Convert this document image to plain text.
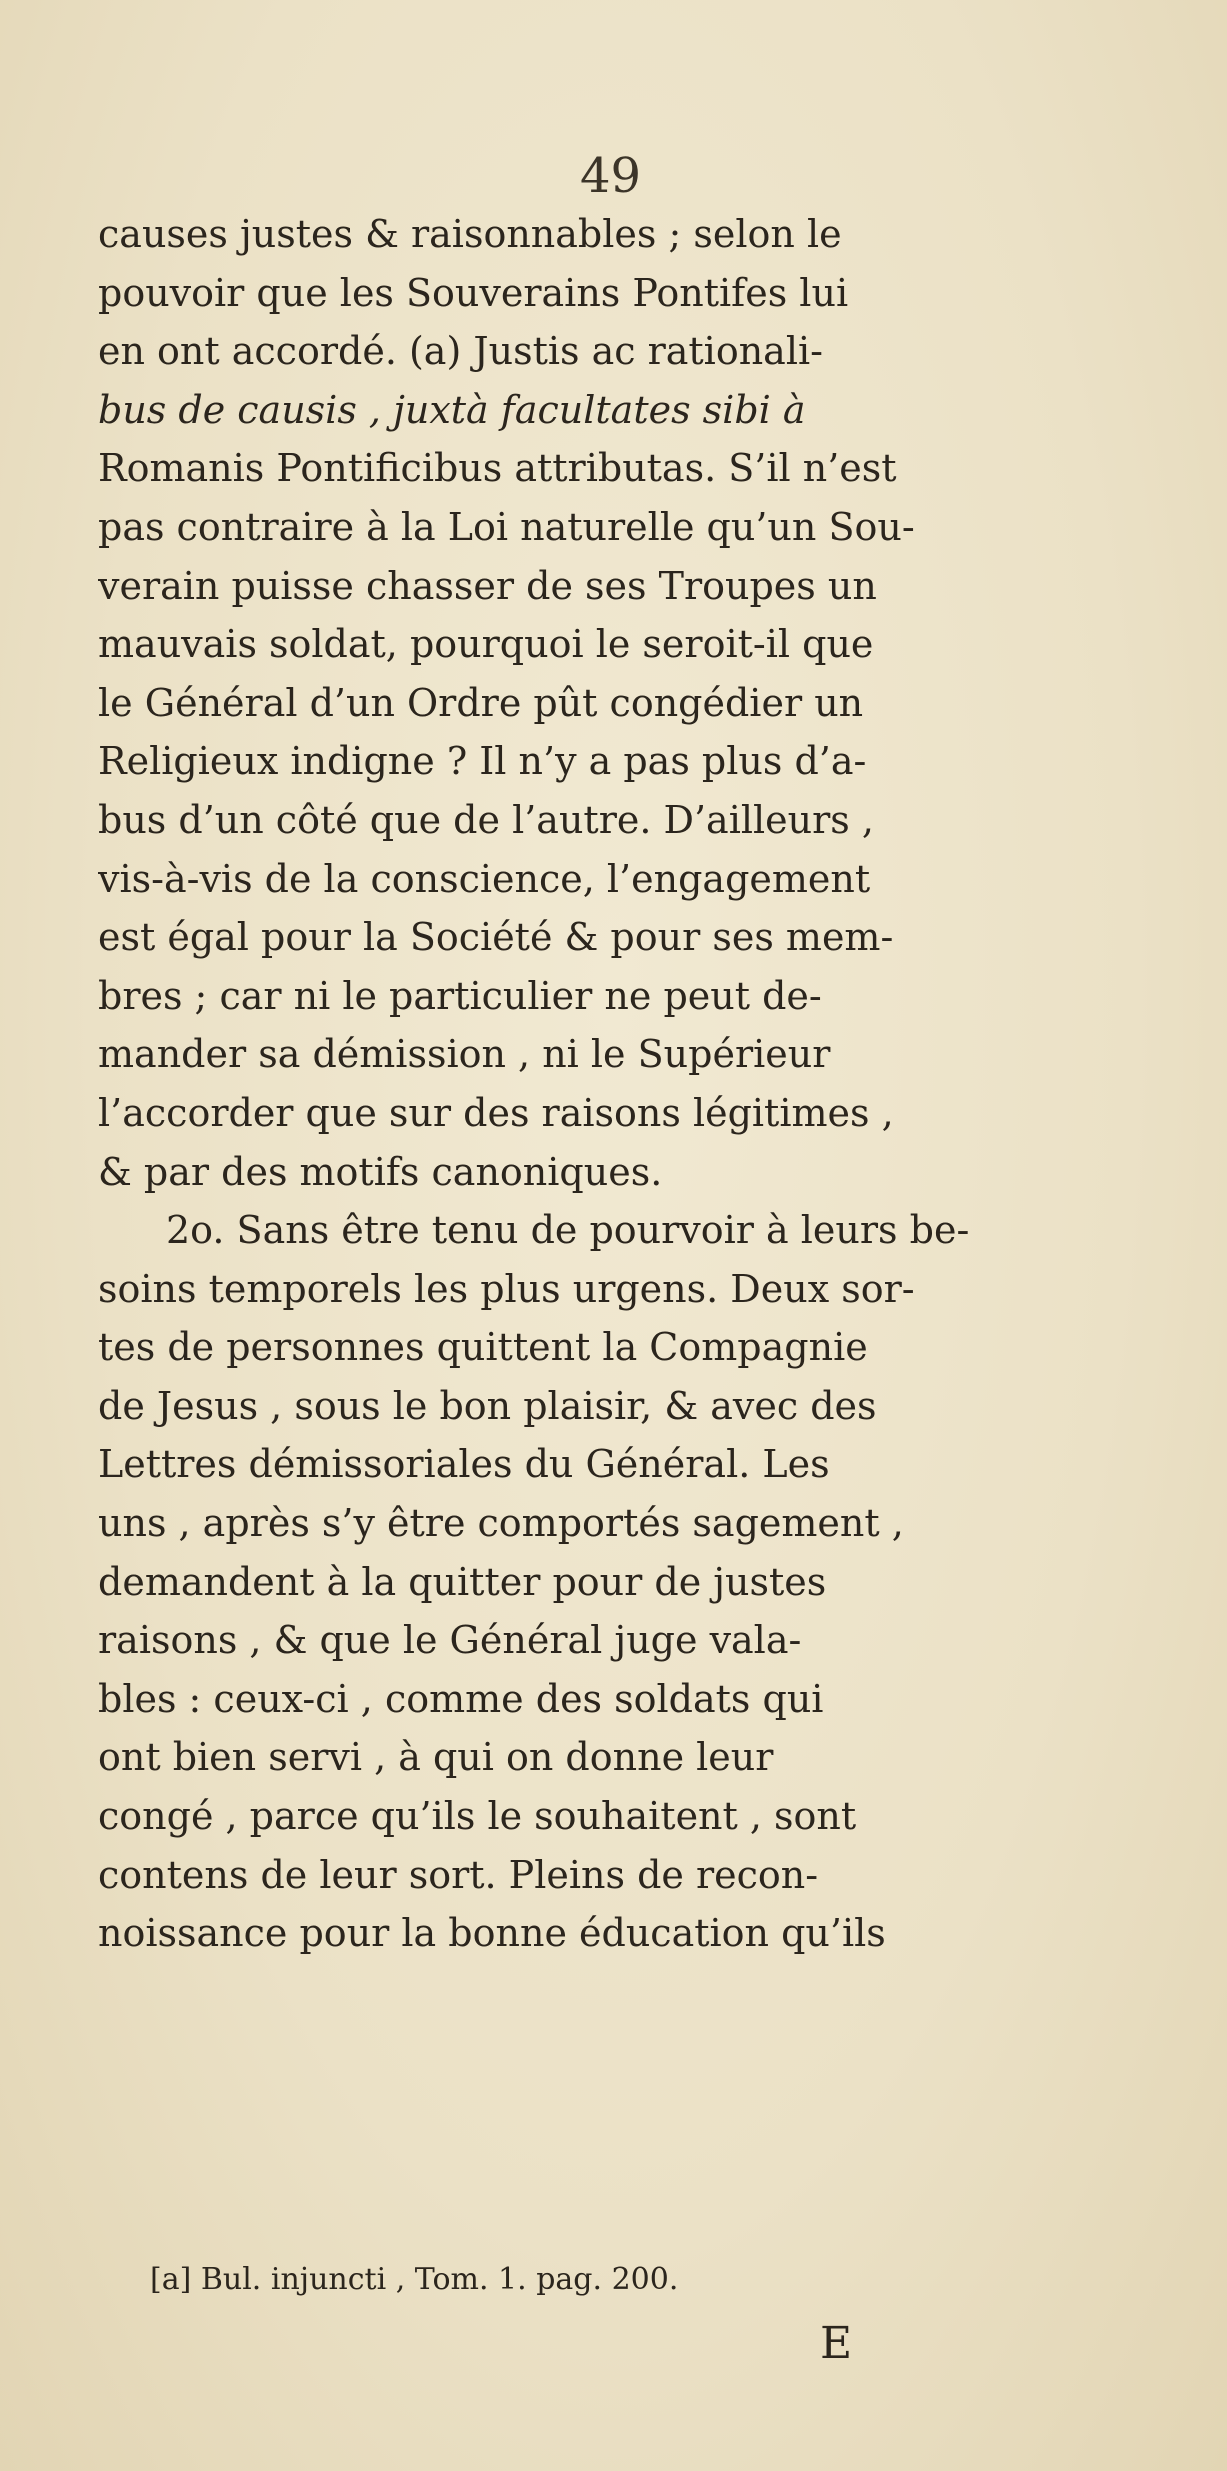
49
causes justes & raisonnables ; selon le
pouvoir que les Souverains Pontifes lui
en ont accordé. (a) Justis ac rationali-
bus de causis , juxtà facultates sibi à
Romanis Pontificibus attributas. S’il n’est
pas contraire à la Loi naturelle qu’un Sou-
verain puisse chasser de ses Troupes un
mauvais soldat, pourquoi le seroit-il que
le Général d’un Ordre pût congédier un
Religieux indigne ? Il n’y a pas plus d’a-
bus d’un côté que de l’autre. D’ailleurs ,
vis-à-vis de la conscience, l’engagement
est égal pour la Société & pour ses mem-
bres ; car ni le particulier ne peut de-
mander sa démission , ni le Supérieur
l’accorder que sur des raisons légitimes ,
& par des motifs canoniques.
2o. Sans être tenu de pourvoir à leurs be-
soins temporels les plus urgens. Deux sor-
tes de personnes quittent la Compagnie
de Jesus , sous le bon plaisir, & avec des
Lettres démissoriales du Général. Les
uns , après s’y être comportés sagement ,
demandent à la quitter pour de justes
raisons , & que le Général juge vala-
bles : ceux-ci , comme des soldats qui
ont bien servi , à qui on donne leur
congé , parce qu’ils le souhaitent , sont
contens de leur sort. Pleins de recon-
noissance pour la bonne éducation qu’ils
[a] Bul. injuncti , Tom. 1. pag. 200.
E
